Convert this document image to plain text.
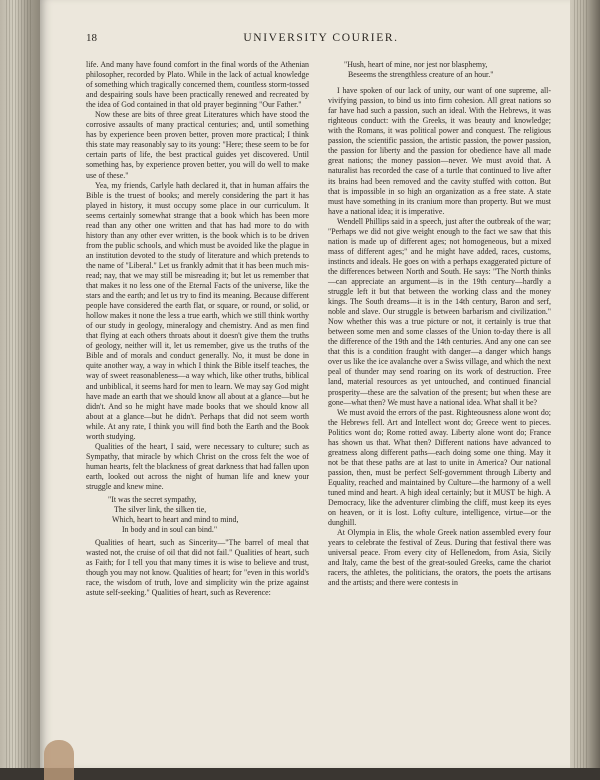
18	UNIVERSITY COURIER.

life. And many have found comfort in the final words of the Athenian philosopher, recorded by Plato. While in the lack of actual knowledge of something which tragically concerned them, countless storm-tossed and despairing souls have been practically renewed and recreated by the idea of God contained in that old prayer beginning "Our Father."

Now these are bits of three great Literatures which have stood the corrosive assaults of many practical centuries; and, until something has by experience been proven better, proven more practical; I think this state may reasonably say to its young: "Here; these seem to be for certain parts of life, the best practical guides yet discovered. Until something has, by experience proven better, you will do well to make use of these."

Yea, my friends, Carlyle hath declared it, that in human affairs the Bible is the truest of books; and merely considering the part it has played in history, it must occupy some place in our curriculum. It seems certainly somewhat strange that a book which has been more read than any other one written and that has had more to do with history than any other ever written, is the book which is to be driven from the public schools, and which must be avoided like the plague in an institution devoted to the study of literature and which pretends to the name of "Liberal." Let us frankly admit that it has been much mis-read; nay, that we may still be misreading it; but let us remember that that makes it no less one of the Eternal Facts of the universe, like the stars and the earth; and let us try to find its meaning. Because different people have considered the earth flat, or square, or round, or solid, or hollow makes it none the less a true earth, which we still think worthy of our study in geology, mineralogy and chemistry. And as men find that flying at each others throats about it doesn't give them the truths of geology, neither will it, let us remember, give us the truths of the Bible and of morals and conduct generally. No, it must be done in quite another way, a way in which I think the Bible itself teaches, the way of sweet reasonableness—a way which, like other truths, biblical and unbiblical, it seems hard for men to learn. We may say God might have made an earth that we should know all about at a glance—but he didn't. And so he might have made books that we should know all about at a glance—but he didn't. Perhaps that did not seem worth while. At any rate, I think you will find both the Earth and the Book worth studying.

Qualities of the heart, I said, were necessary to culture; such as Sympathy, that miracle by which Christ on the cross felt the woe of human hearts, felt the blackness of great darkness that had fallen upon earth, looked out across the night of human life and knew your struggle and knew mine.

"It was the secret sympathy,
The silver link, the silken tie,
Which, heart to heart and mind to mind,
In body and in soul can bind."

Qualities of heart, such as Sincerity—"The barrel of meal that wasted not, the cruise of oil that did not fail." Qualities of heart, such as Faith; for I tell you that many times it is wise to believe and trust, though you may not know. Qualities of heart; for "even in this world's race, the wisdom of truth, love and simplicity win the prize against astute self-seeking." Qualities of heart, such as Reverence:

"Hush, heart of mine, nor jest nor blasphemy,
Beseems the strengthless creature of an hour."

I have spoken of our lack of unity, our want of one supreme, all-vivifying passion, to bind us into firm cohesion. All great nations so far have had such a passion, such an ideal. With the Hebrews, it was righteous conduct: with the Greeks, it was beauty and knowledge; with the Romans, it was political power and conquest. The religious passion, the scientific passion, the artistic passion, the power passion, the passion for liberty and the passion for obedience have all made great nations; the money passion—never. We must avoid that. A naturalist has recorded the case of a turtle that continued to live after its brains had been removed and the cavity stuffed with cotton. But that is impossible in so high an organization as a free state. A state must have something in its cranium more than property. But we must have a national idea; it is imperative.

Wendell Phillips said in a speech, just after the outbreak of the war; "Perhaps we did not give weight enough to the fact we saw that this nation is made up of different ages; not homogeneous, but a mixed mass of different ages;" and he might have added, races, customs, instincts and ideals. He goes on with a perhaps exaggerated picture of the differences between North and South. He says: "The North thinks—can appreciate an argument—is in the 19th century—hardly a struggle left it but that between the working class and the money kings. The South dreams—it is in the 14th century, Baron and serf, noble and slave. Our struggle is between barbarism and civilization." Now whether this was a true picture or not, it certainly is true that between some men and some classes of the Union to-day there is all the difference of the 19th and the 14th centuries. And any one can see that this is a condition fraught with danger—a danger which hangs over us like the ice avalanche over a Swiss village, and which the next peal of thunder may send roaring on its work of destruction. Free land, material resources as yet untouched, and continued financial prosperity—these are the salvation of the present; but when these are gone—what then? We must have a national idea. What shall it be?

We must avoid the errors of the past. Righteousness alone wont do; the Hebrews fell. Art and Intellect wont do; Greece went to pieces. Politics wont do; Rome rotted away. Liberty alone wont do; France has shown us that. What then? Different nations have advanced to greatness along different paths—each doing some one thing. May it not be that these paths are at last to unite in America? Our national passion, then, must be perfect Self-government through Liberty and Equality, reached and maintained by Culture—the harmony of a well tuned mind and heart. A high ideal certainly; but it MUST be high. A Democracy, like the adventurer climbing the cliff, must keep its eyes on heaven, or it is lost. Lofty culture, intelligence, virtue—or the dunghill.

At Olympia in Elis, the whole Greek nation assembled every four years to celebrate the festival of Zeus. During that festival there was universal peace. From every city of Hellenedom, from Asia, Sicily and Italy, came the best of the great-souled Greeks, came the chariot racers, the athletes, the politicians, the orators, the poets the artisans and the artists; and there were contests in
